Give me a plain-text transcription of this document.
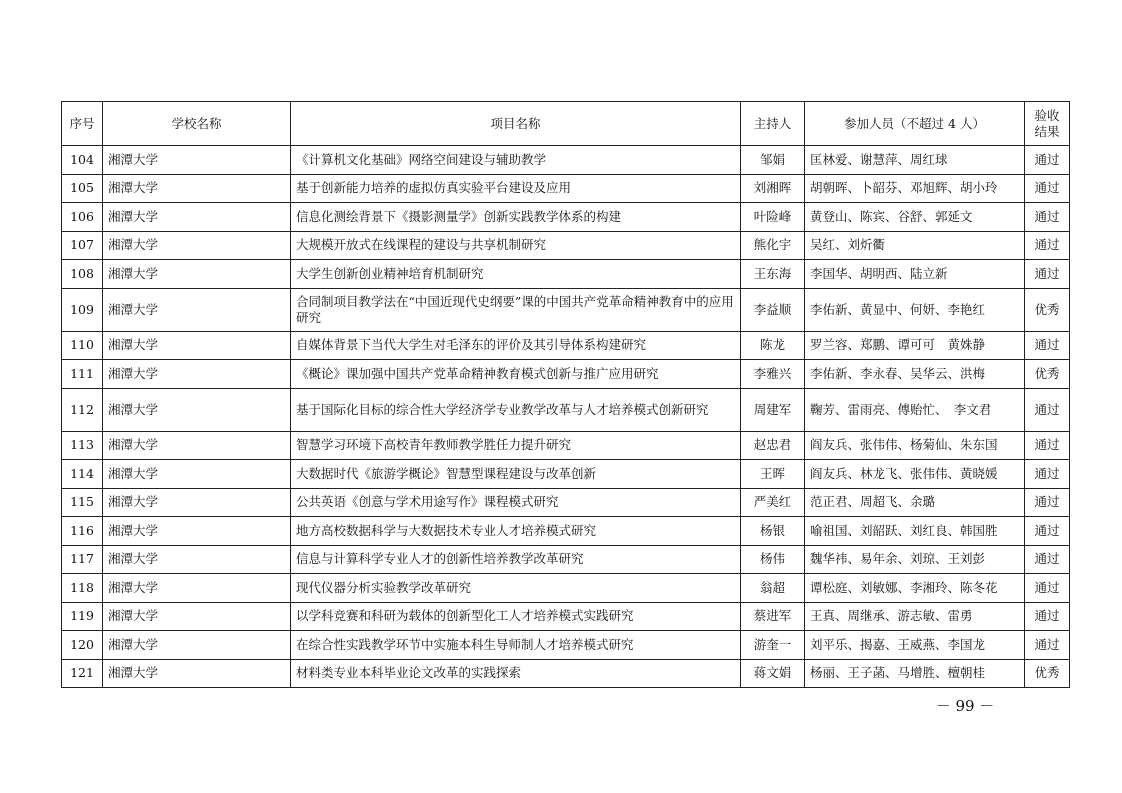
序号	学校名称	项目名称	主持人	参加人员（不超过 4 人）	验收结果
104	湘潭大学	《计算机文化基础》网络空间建设与辅助教学	邹娟	匡林爱、谢慧萍、周红球	通过
105	湘潭大学	基于创新能力培养的虚拟仿真实验平台建设及应用	刘湘晖	胡朝晖、卜韶芬、邓旭辉、胡小玲	通过
106	湘潭大学	信息化测绘背景下《摄影测量学》创新实践教学体系的构建	叶险峰	黄登山、陈宾、谷舒、郭延文	通过
107	湘潭大学	大规模开放式在线课程的建设与共享机制研究	熊化宇	吴红、刘炘衢	通过
108	湘潭大学	大学生创新创业精神培育机制研究	王东海	李国华、胡明西、陆立新	通过
109	湘潭大学	合同制项目教学法在“中国近现代史纲要”课的中国共产党革命精神教育中的应用研究	李益顺	李佑新、黄显中、何妍、李艳红	优秀
110	湘潭大学	自媒体背景下当代大学生对毛泽东的评价及其引导体系构建研究	陈龙	罗兰容、郑鹏、谭可可　黄姝静	通过
111	湘潭大学	《概论》课加强中国共产党革命精神教育模式创新与推广应用研究	李雅兴	李佑新、李永春、吴华云、洪梅	优秀
112	湘潭大学	基于国际化目标的综合性大学经济学专业教学改革与人才培养模式创新研究	周建军	鞠芳、雷雨亮、傅贻忙、　李文君	通过
113	湘潭大学	智慧学习环境下高校青年教师教学胜任力提升研究	赵忠君	阎友兵、张伟伟、杨菊仙、朱东国	通过
114	湘潭大学	大数据时代《旅游学概论》智慧型课程建设与改革创新	王晖	阎友兵、林龙飞、张伟伟、黄晓媛	通过
115	湘潭大学	公共英语《创意与学术用途写作》课程模式研究	严美红	范正君、周超飞、余璐	通过
116	湘潭大学	地方高校数据科学与大数据技术专业人才培养模式研究	杨银	喻祖国、刘韶跃、刘红良、韩国胜	通过
117	湘潭大学	信息与计算科学专业人才的创新性培养教学改革研究	杨伟	魏华祎、易年余、刘琼、王刘彭	通过
118	湘潭大学	现代仪器分析实验教学改革研究	翁超	谭松庭、刘敏娜、李湘玲、陈冬花	通过
119	湘潭大学	以学科竞赛和科研为载体的创新型化工人才培养模式实践研究	蔡进军	王真、周继承、游志敏、雷勇	通过
120	湘潭大学	在综合性实践教学环节中实施本科生导师制人才培养模式研究	游奎一	刘平乐、揭嘉、王威燕、李国龙	通过
121	湘潭大学	材料类专业本科毕业论文改革的实践探索	蒋文娟	杨丽、王子菡、马增胜、檀朝桂	优秀
－ 99 －
